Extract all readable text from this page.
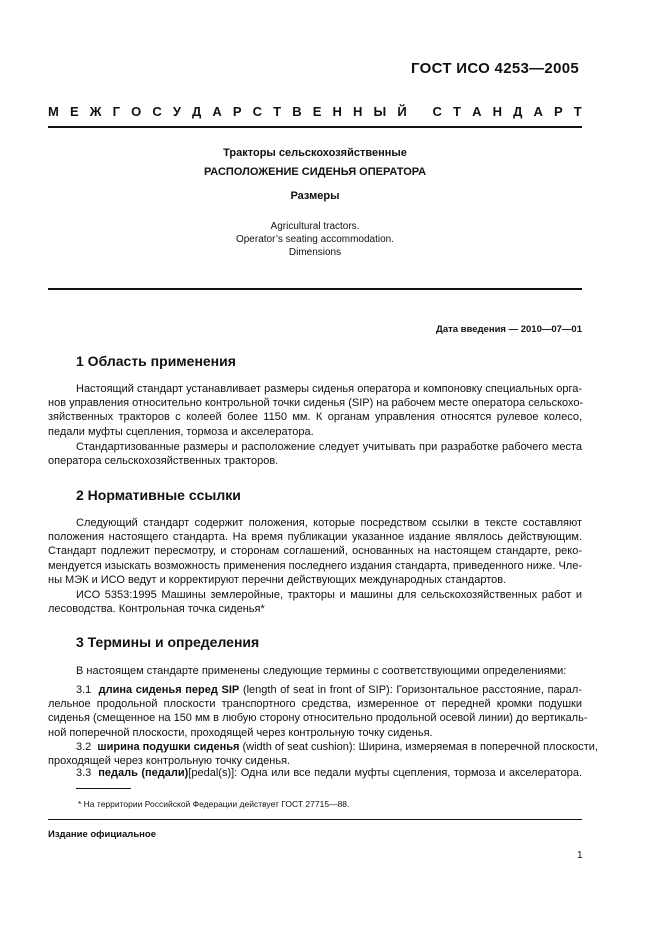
ГОСТ ИСО 4253—2005
М Е Ж Г О С У Д А Р С Т В Е Н Н Ы Й
С Т А Н Д А Р Т
Тракторы сельскохозяйственные
РАСПОЛОЖЕНИЕ СИДЕНЬЯ ОПЕРАТОРА
Размеры
Agricultural tractors.
Operator’s seating accommodation.
Dimensions
Дата введения — 2010—07—01
1 Область применения
Настоящий стандарт устанавливает размеры сиденья оператора и компоновку специальных орга-
нов управления относительно контрольной точки сиденья (SIP) на рабочем месте оператора сельскохо-
зяйственных тракторов с колеей более 1150 мм. К органам управления относятся рулевое колесо,
педали муфты сцепления, тормоза и акселератора.
Стандартизованные размеры и расположение следует учитывать при разработке рабочего места
оператора сельскохозяйственных тракторов.
2 Нормативные ссылки
Следующий стандарт содержит положения, которые посредством ссылки в тексте составляют
положения настоящего стандарта. На время публикации указанное издание являлось действующим.
Стандарт подлежит пересмотру, и сторонам соглашений, основанных на настоящем стандарте, реко-
мендуется изыскать возможность применения последнего издания стандарта, приведенного ниже. Чле-
ны МЭК и ИСО ведут и корректируют перечни действующих международных стандартов.
ИСО 5353:1995 Машины землеройные, тракторы и машины для сельскохозяйственных работ и
лесоводства. Контрольная точка сиденья*
3 Термины и определения
В настоящем стандарте применены следующие термины с соответствующими определениями:
3.1 длина сиденья перед SIP (length of seat in front of SIP): Горизонтальное расстояние, парал-
лельное продольной плоскости транспортного средства, измеренное от передней кромки подушки
сиденья (смещенное на 150 мм в любую сторону относительно продольной осевой линии) до вертикаль-
ной поперечной плоскости, проходящей через контрольную точку сиденья.
3.2 ширина подушки сиденья (width of seat cushion): Ширина, измеряемая в поперечной плоскости,
проходящей через контрольную точку сиденья.
3.3 педаль (педали)[pedal(s)]: Одна или все педали муфты сцепления, тормоза и акселератора.
* На территории Российской Федерации действует ГОСТ 27715—88.
Издание официальное
1
